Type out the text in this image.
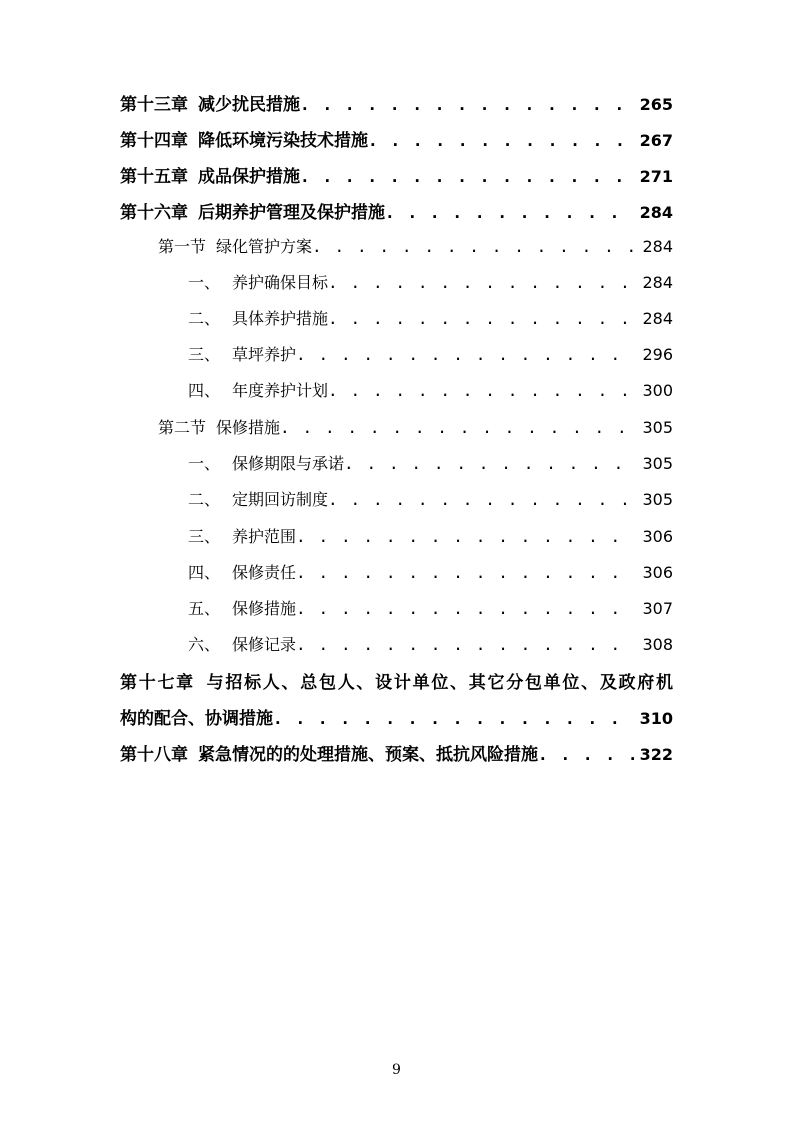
第十三章 减少扰民措施 . . .	265
第十四章 降低环境污染技术措施 . . .	267
第十五章 成品保护措施 . . .	271
第十六章 后期养护管理及保护措施 . . .	284
第一节 绿化管护方案 . . .	284
一、 养护确保目标 . . .	284
二、 具体养护措施 . . .	284
三、 草坪养护 . . .	296
四、 年度养护计划 . . .	300
第二节 保修措施 . . .	305
一、 保修期限与承诺 . . .	305
二、 定期回访制度 . . .	305
三、 养护范围 . . .	306
四、 保修责任 . . .	306
五、 保修措施 . . .	307
六、 保修记录 . . .	308
第十七章 与招标人、总包人、设计单位、其它分包单位、及政府机
构的配合、协调措施 . . .	310
第十八章 紧急情况的的处理措施、预案、抵抗风险措施 . . .	322
9
